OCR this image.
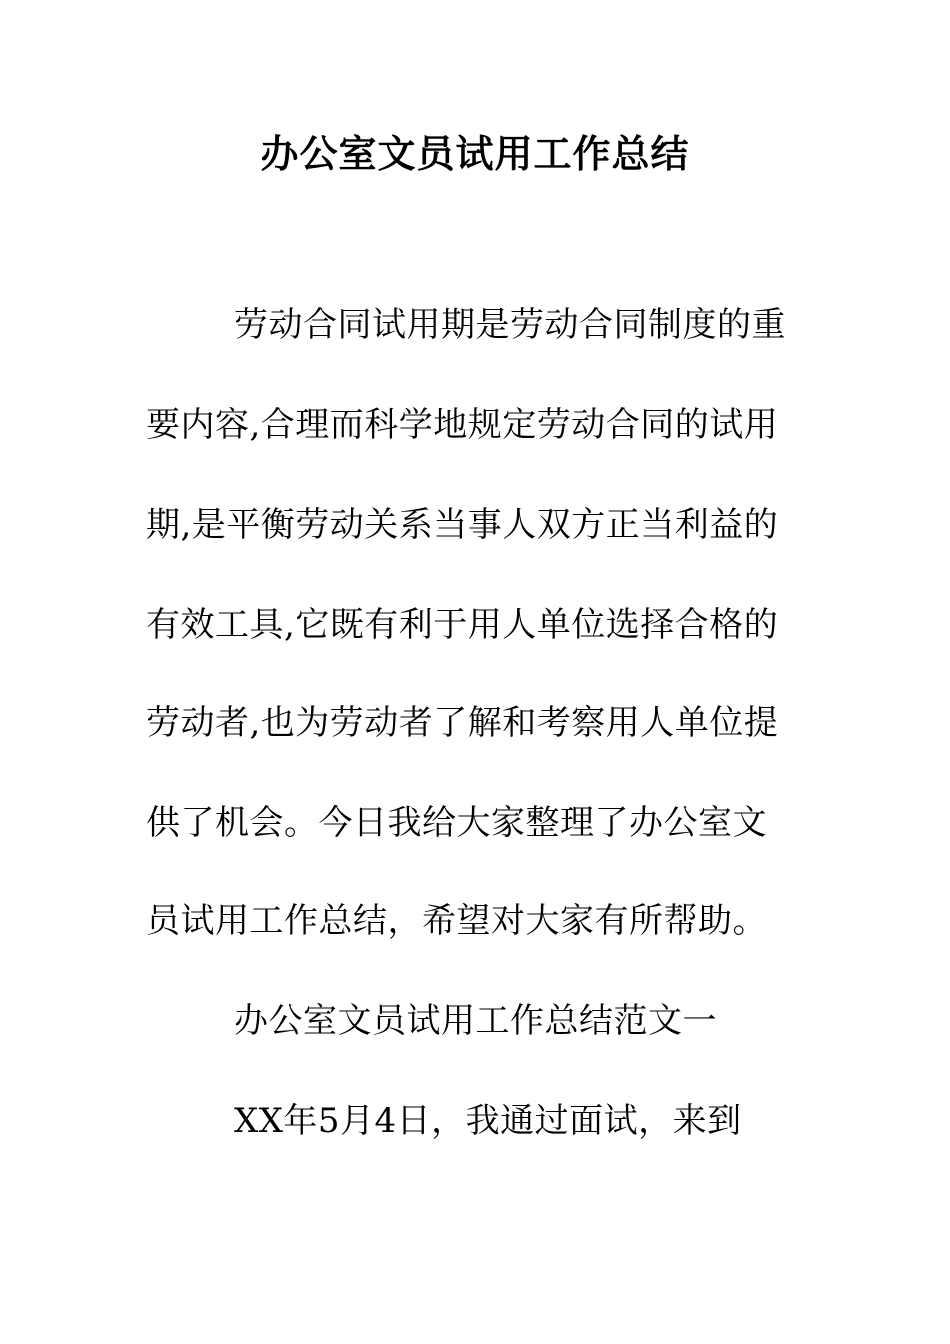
办公室文员试用工作总结
劳动合同试用期是劳动合同制度的重
要内容,合理而科学地规定劳动合同的试用
期,是平衡劳动关系当事人双方正当利益的
有效工具,它既有利于用人单位选择合格的
劳动者,也为劳动者了解和考察用人单位提
供了机会。今日我给大家整理了办公室文
员试用工作总结，希望对大家有所帮助。
办公室文员试用工作总结范文一
XX年5月4日，我通过面试，来到
